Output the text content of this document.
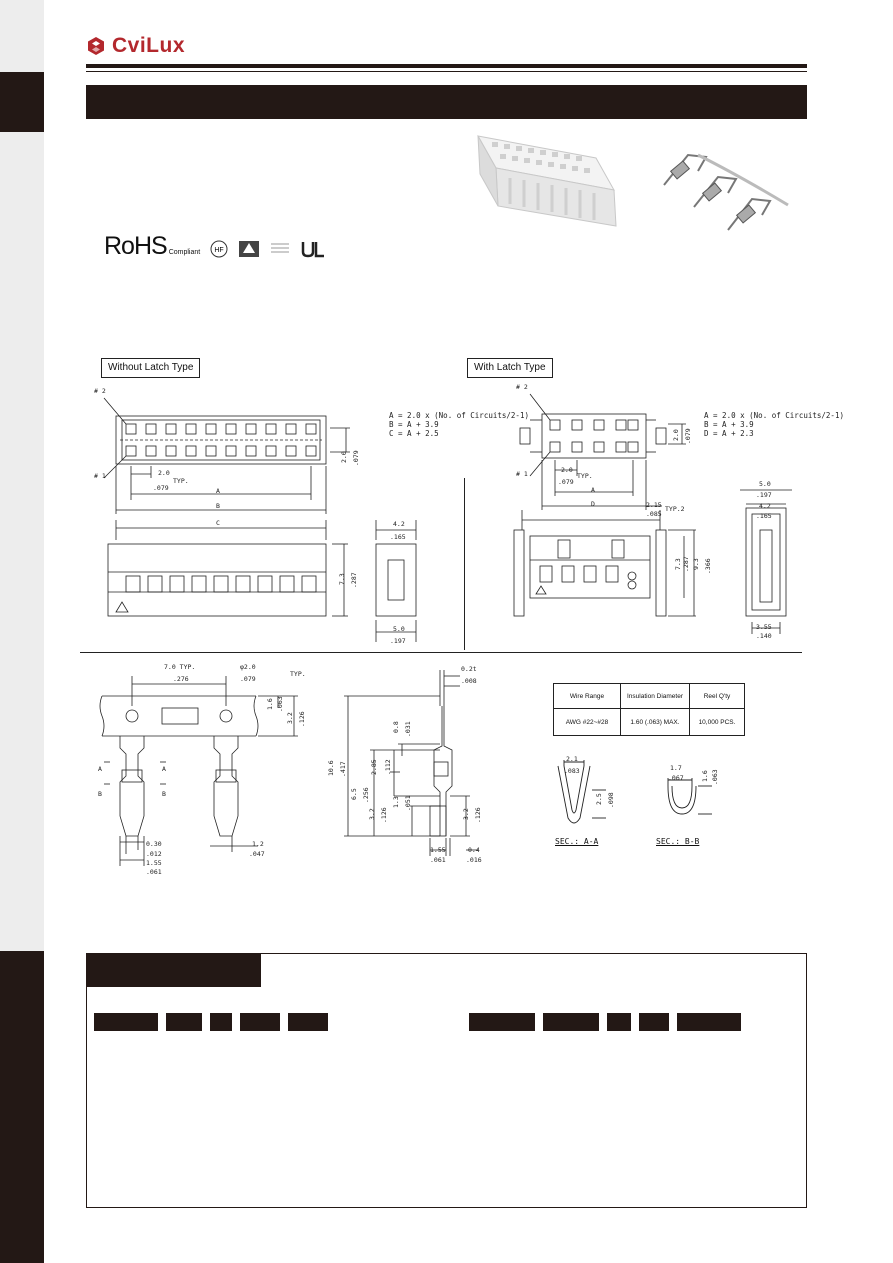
CviLux
RoHS Compliant HF
Without Latch Type
A = 2.0 x (No. of Circuits/2-1)
B = A + 3.9
C = A + 2.5
# 2
# 1	2.0
TYP.
.079	A
B
C
2.0 .079
7.3 .287
4.2
.165
5.0
.197
With Latch Type
A = 2.0 x (No. of Circuits/2-1)
B = A + 3.9
D = A + 2.3
# 2
# 1	2.0
TYP.
.079
A
D	2.15 TYP.2
.085
2.0 .079
7.3 .287 9.3 .366
5.0
.197
4.2
.165
3.55
.140
7.0 TYP.
.276
φ2.0
TYP.
.079
1.6 .063
3.2 .126
A
B
A
B
0.30
.012
1.55
.061
1.2
.047
0.2t
.008
10.6 .417
0.8 .031
2.85 .112
6.5 .256	1.3 .051
3.2 .126	3.2 .126
1.55
.061
0.4
.016
Wire Range	Insulation Diameter	Reel Q'ty
AWG #22~#28	1.60 (.063) MAX.	10,000 PCS.
2.1
.083
2.5 .098
SEC.: A-A
1.7
.067	1.6 .063
SEC.: B-B
